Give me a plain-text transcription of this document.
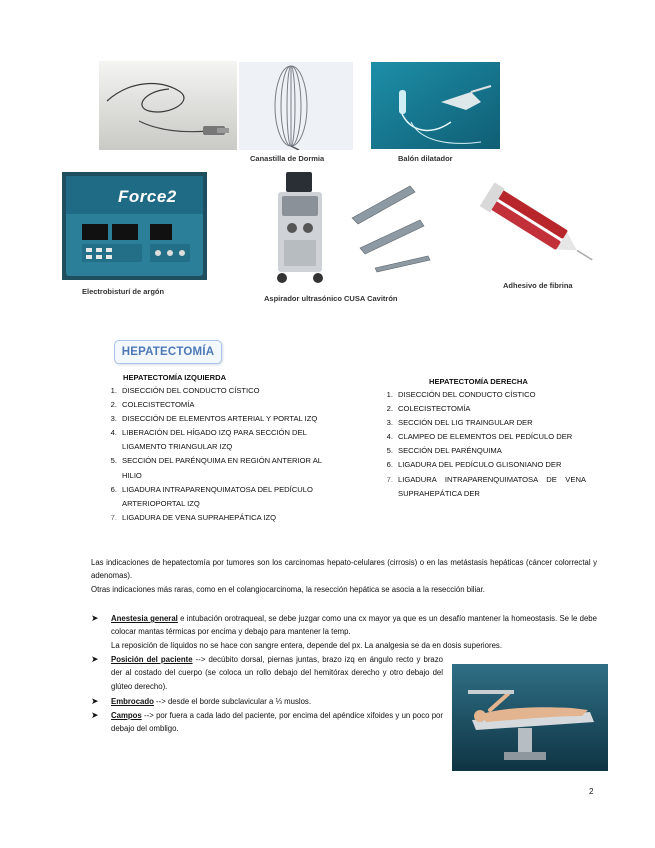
Canastilla de Dormia	Balón dilatador
Force2
Electrobisturí de argón
Aspirador ultrasónico CUSA Cavitrón
Adhesivo de fibrina
HEPATECTOMÍA
HEPATECTOMÍA IZQUIERDA
1. DISECCIÓN DEL CONDUCTO CÍSTICO
2. COLECISTECTOMÍA
3. DISECCIÓN DE ELEMENTOS ARTERIAL Y PORTAL IZQ
4. LIBERACIÓN DEL HÍGADO IZQ PARA SECCIÓN DEL LIGAMENTO TRIANGULAR IZQ
5. SECCIÓN DEL PARÉNQUIMA EN REGIÓN ANTERIOR AL HILIO
6. LIGADURA INTRAPARENQUIMATOSA DEL PEDÍCULO ARTERIOPORTAL IZQ
7. LIGADURA DE VENA SUPRAHEPÁTICA IZQ
HEPATECTOMÍA DERECHA
1. DISECCIÓN DEL CONDUCTO CÍSTICO
2. COLECISTECTOMÍA
3. SECCIÓN DEL LIG TRAINGULAR DER
4. CLAMPEO DE ELEMENTOS DEL PEDÍCULO DER
5. SECCIÓN DEL PARÉNQUIMA
6. LIGADURA DEL PEDÍCULO GLISONIANO DER
7. LIGADURA INTRAPARENQUIMATOSA DE VENA SUPRAHEPÁTICA DER
Las indicaciones de hepatectomía por tumores son los carcinomas hepato-celulares (cirrosis) o en las metástasis hepáticas (cáncer colorrectal y adenomas).
Otras indicaciones más raras, como en el colangiocarcinoma, la resección hepática se asocia a la resección biliar.
➤ Anestesia general e intubación orotraqueal, se debe juzgar como una cx mayor ya que es un desafío mantener la homeostasis. Se le debe colocar mantas térmicas por encima y debajo para mantener la temp.
La reposición de líquidos no se hace con sangre entera, depende del px. La analgesia se da en dosis superiores.
➤ Posición del paciente --> decúbito dorsal, piernas juntas, brazo izq en ángulo recto y brazo der al costado del cuerpo (se coloca un rollo debajo del hemitórax derecho y otro debajo del glúteo derecho).
➤ Embrocado --> desde el borde subclavicular a ⅓ muslos.
➤ Campos --> por fuera a cada lado del paciente, por encima del apéndice xifoides y un poco por debajo del ombligo.
2
